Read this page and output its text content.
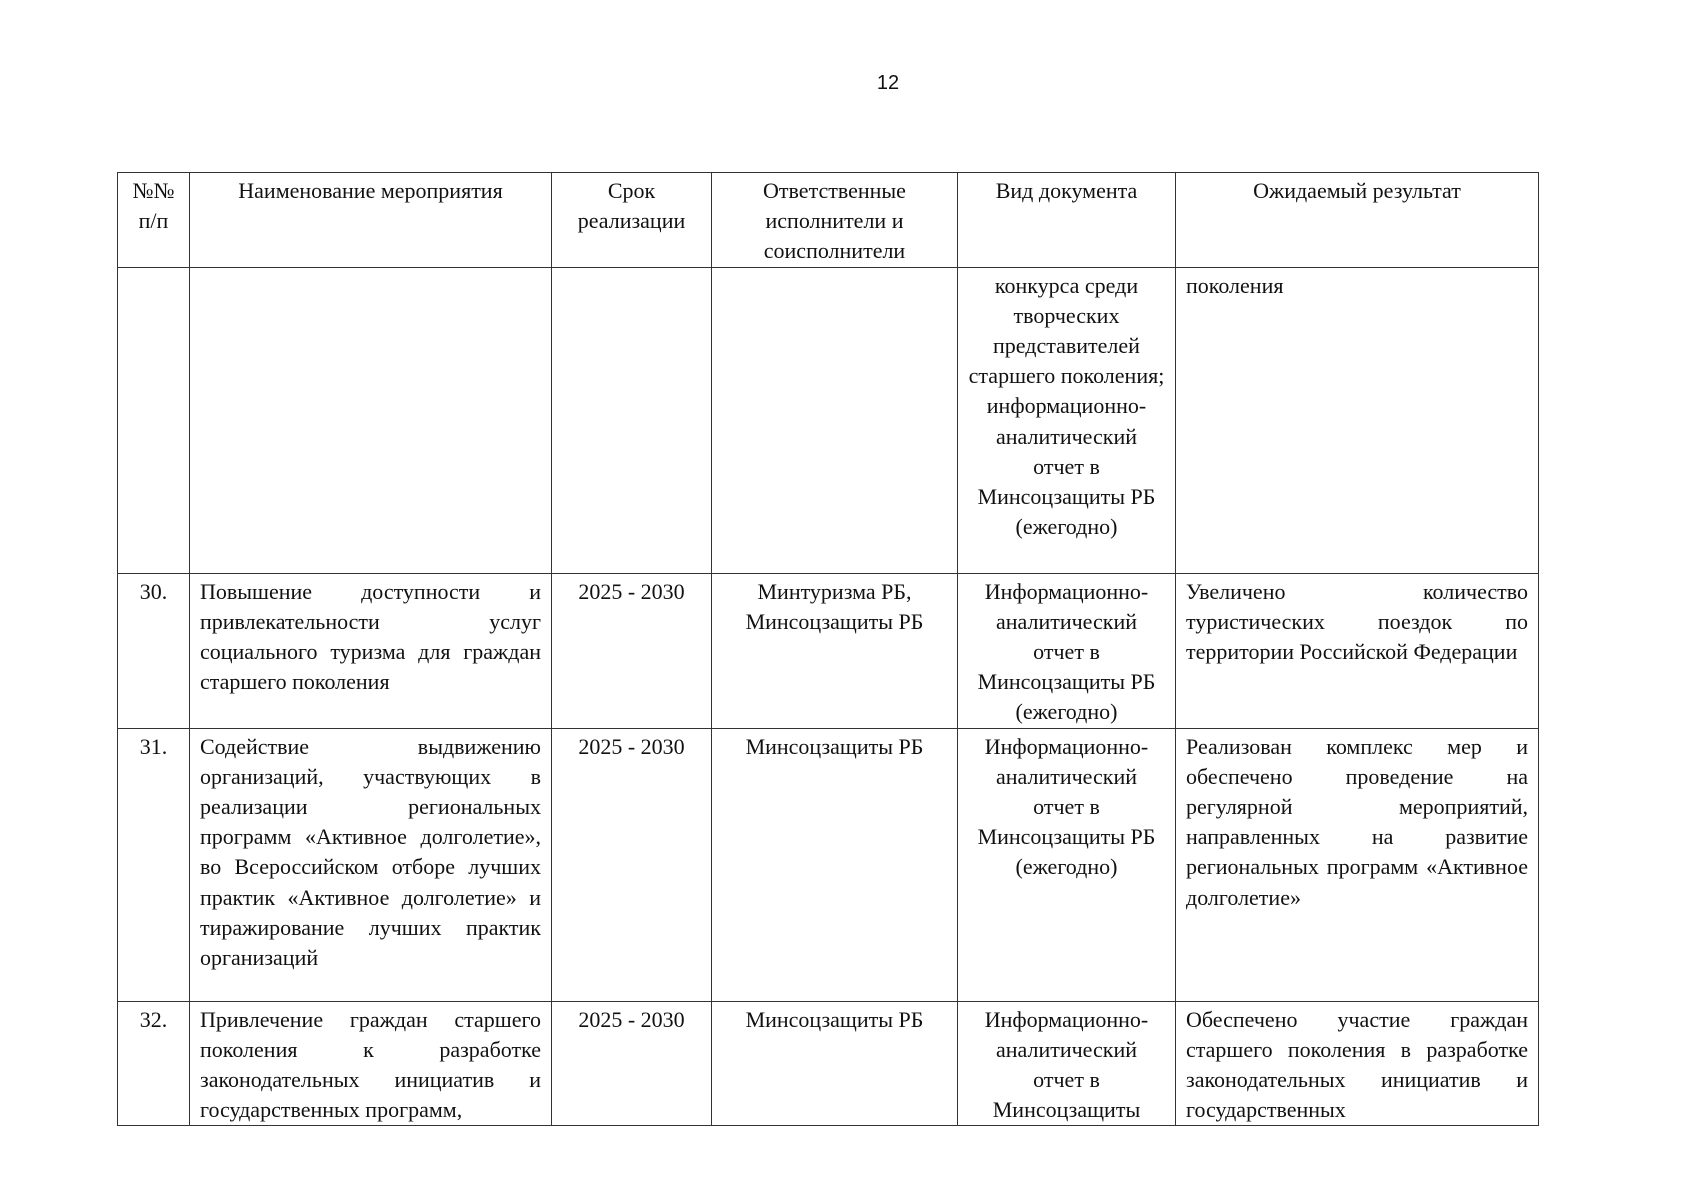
12
№№ п/п	Наименование мероприятия	Срок реализации	Ответственные исполнители и соисполнители	Вид документа	Ожидаемый результат
				конкурса среди творческих представителей старшего поколения; информационно-аналитический отчет в Минсоцзащиты РБ (ежегодно)	поколения
30.	Повышение доступности и привлекательности услуг социального туризма для граждан старшего поколения	2025 - 2030	Минтуризма РБ, Минсоцзащиты РБ	Информационно-аналитический отчет в Минсоцзащиты РБ (ежегодно)	Увеличено количество туристических поездок по территории Российской Федерации
31.	Содействие выдвижению организаций, участвующих в реализации региональных программ «Активное долголетие», во Всероссийском отборе лучших практик «Активное долголетие» и тиражирование лучших практик организаций	2025 - 2030	Минсоцзащиты РБ	Информационно-аналитический отчет в Минсоцзащиты РБ (ежегодно)	Реализован комплекс мер и обеспечено проведение на регулярной мероприятий, направленных на развитие региональных программ «Активное долголетие»
32.	Привлечение граждан старшего поколения к разработке законодательных инициатив и государственных программ,	2025 - 2030	Минсоцзащиты РБ	Информационно-аналитический отчет в Минсоцзащиты	Обеспечено участие граждан старшего поколения в разработке законодательных инициатив и государственных
